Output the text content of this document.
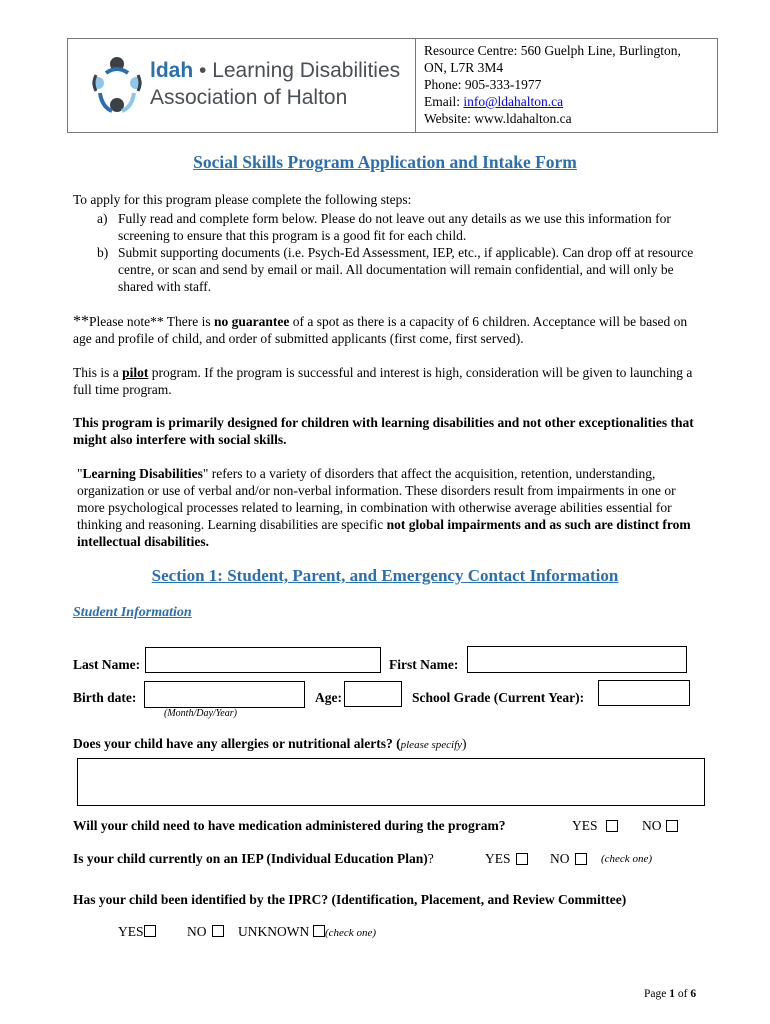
ldah • Learning Disabilities
Association of Halton
Resource Centre: 560 Guelph Line, Burlington,
ON, L7R 3M4
Phone: 905-333-1977
Email: info@ldahalton.ca
Website: www.ldahalton.ca
Social Skills Program Application and Intake Form
To apply for this program please complete the following steps:
a) Fully read and complete form below. Please do not leave out any details as we use this information for screening to ensure that this program is a good fit for each child.
b) Submit supporting documents (i.e. Psych-Ed Assessment, IEP, etc., if applicable). Can drop off at resource centre, or scan and send by email or mail. All documentation will remain confidential, and will only be shared with staff.
**Please note** There is no guarantee of a spot as there is a capacity of 6 children. Acceptance will be based on age and profile of child, and order of submitted applicants (first come, first served).
This is a pilot program. If the program is successful and interest is high, consideration will be given to launching a full time program.
This program is primarily designed for children with learning disabilities and not other exceptionalities that might also interfere with social skills.
"Learning Disabilities" refers to a variety of disorders that affect the acquisition, retention, understanding, organization or use of verbal and/or non-verbal information. These disorders result from impairments in one or more psychological processes related to learning, in combination with otherwise average abilities essential for thinking and reasoning. Learning disabilities are specific not global impairments and as such are distinct from intellectual disabilities.
Section 1: Student, Parent, and Emergency Contact Information
Student Information
Last Name:	First Name:
Birth date:
(Month/Day/Year)
Age:	School Grade (Current Year):
Does your child have any allergies or nutritional alerts? (please specify)
Will your child need to have medication administered during the program?	YES	NO
Is your child currently on an IEP (Individual Education Plan)?	YES	NO	(check one)
Has your child been identified by the IPRC? (Identification, Placement, and Review Committee)
YES	NO UNKNOWN (check one)
Page 1 of 6
